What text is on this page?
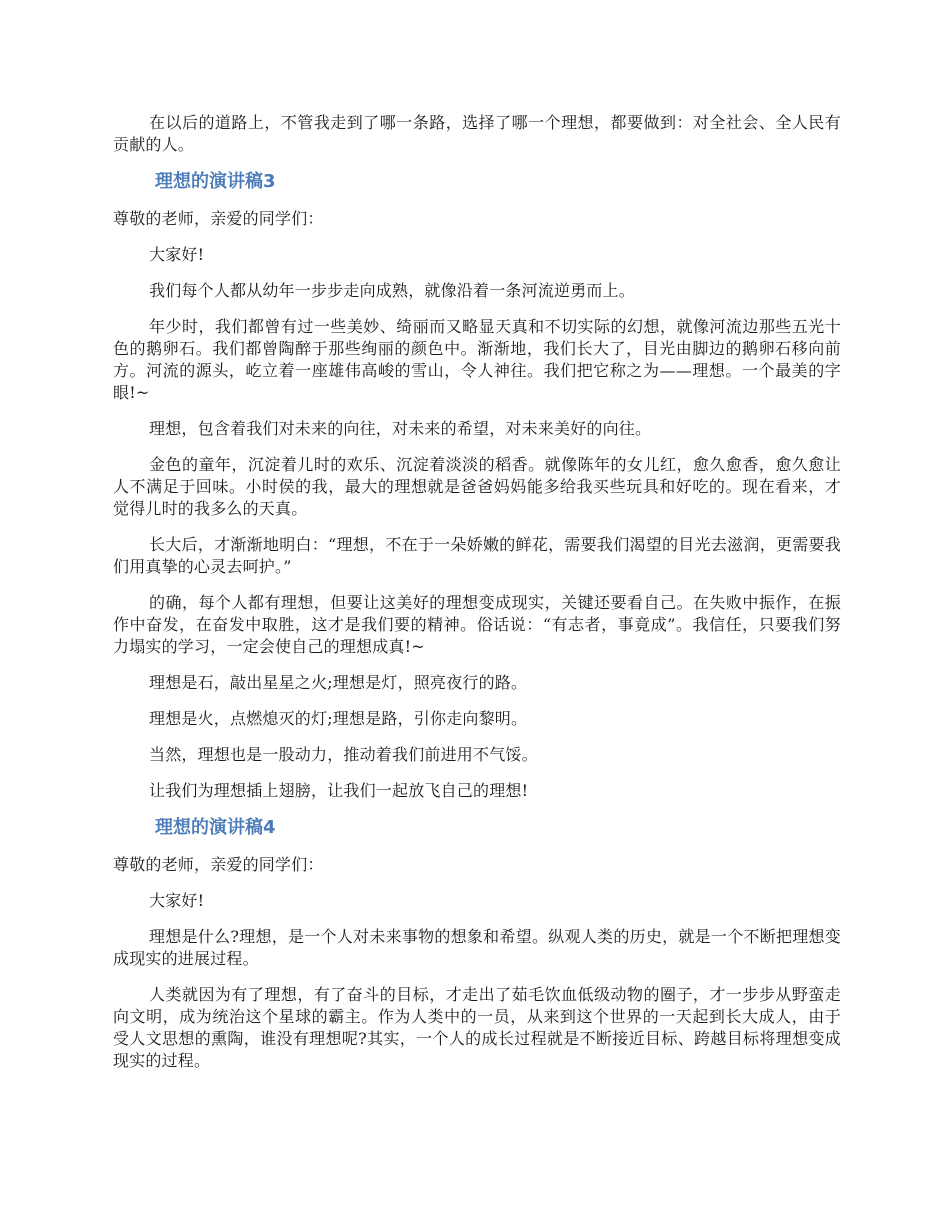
在以后的道路上，不管我走到了哪一条路，选择了哪一个理想，都要做到：对全社会、全人民有贡献的人。

理想的演讲稿3

尊敬的老师，亲爱的同学们：

大家好!

我们每个人都从幼年一步步走向成熟，就像沿着一条河流逆勇而上。

年少时，我们都曾有过一些美妙、绮丽而又略显天真和不切实际的幻想，就像河流边那些五光十色的鹅卵石。我们都曾陶醉于那些绚丽的颜色中。渐渐地，我们长大了，目光由脚边的鹅卵石移向前方。河流的源头，屹立着一座雄伟高峻的雪山，令人神往。我们把它称之为——理想。一个最美的字眼!~

理想，包含着我们对未来的向往，对未来的希望，对未来美好的向往。

金色的童年，沉淀着儿时的欢乐、沉淀着淡淡的稻香。就像陈年的女儿红，愈久愈香，愈久愈让人不满足于回味。小时侯的我，最大的理想就是爸爸妈妈能多给我买些玩具和好吃的。现在看来，才觉得儿时的我多么的天真。

长大后，才渐渐地明白：“理想，不在于一朵娇嫩的鲜花，需要我们渴望的目光去滋润，更需要我们用真挚的心灵去呵护。”

的确，每个人都有理想，但要让这美好的理想变成现实，关键还要看自己。在失败中振作，在振作中奋发，在奋发中取胜，这才是我们要的精神。俗话说：“有志者，事竟成”。我信任，只要我们努力塌实的学习，一定会使自己的理想成真!~

理想是石，敲出星星之火;理想是灯，照亮夜行的路。

理想是火，点燃熄灭的灯;理想是路，引你走向黎明。

当然，理想也是一股动力，推动着我们前进用不气馁。

让我们为理想插上翅膀，让我们一起放飞自己的理想!

理想的演讲稿4

尊敬的老师，亲爱的同学们：

大家好!

理想是什么?理想，是一个人对未来事物的想象和希望。纵观人类的历史，就是一个不断把理想变成现实的进展过程。

人类就因为有了理想，有了奋斗的目标，才走出了茹毛饮血低级动物的圈子，才一步步从野蛮走向文明，成为统治这个星球的霸主。作为人类中的一员，从来到这个世界的一天起到长大成人，由于受人文思想的熏陶，谁没有理想呢?其实，一个人的成长过程就是不断接近目标、跨越目标将理想变成现实的过程。
